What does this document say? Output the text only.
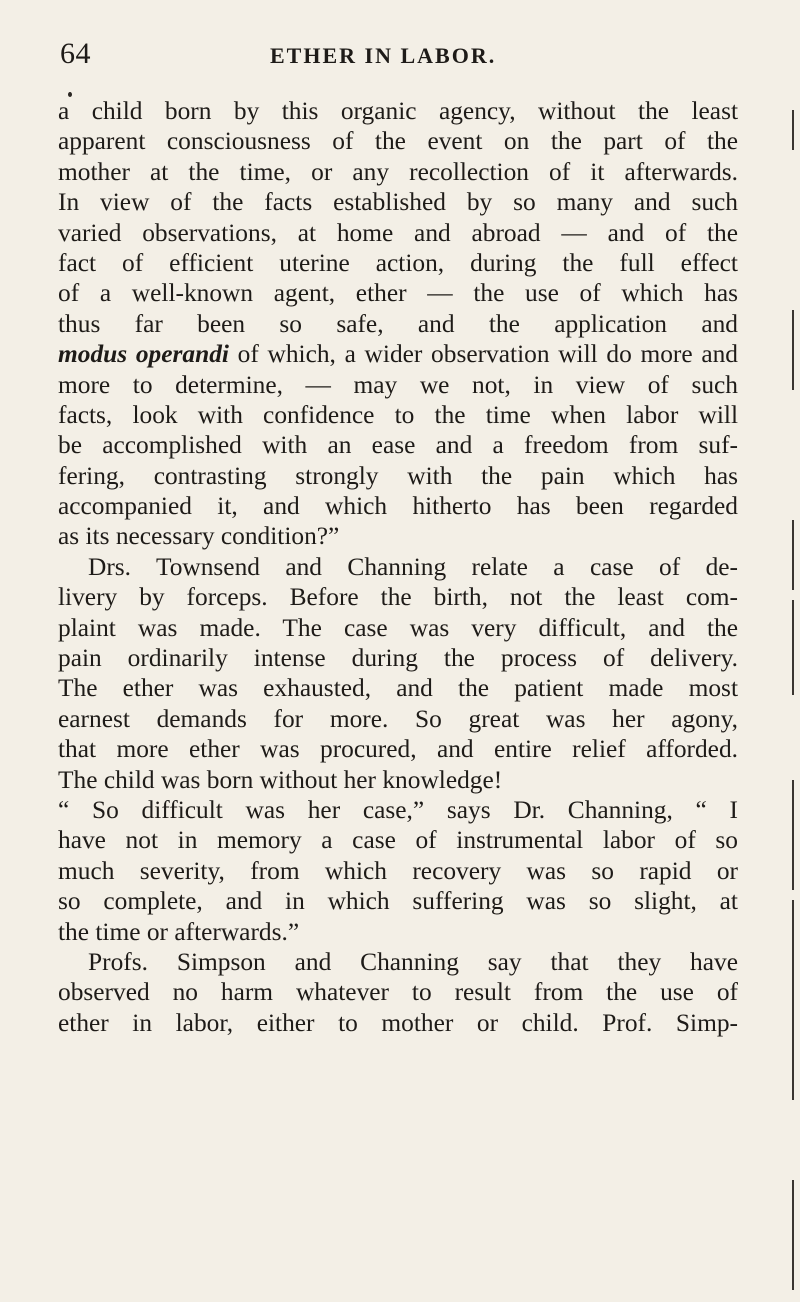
64	ETHER IN LABOR.
a child born by this organic agency, without the least
apparent consciousness of the event on the part of the
mother at the time, or any recollection of it afterwards.
In view of the facts established by so many and such
varied observations, at home and abroad — and of the
fact of efficient uterine action, during the full effect
of a well-known agent, ether — the use of which has
thus far been so safe, and the application and
modus operandi of which, a wider observation will do more and
more to determine, — may we not, in view of such
facts, look with confidence to the time when labor will
be accomplished with an ease and a freedom from suf-
fering, contrasting strongly with the pain which has
accompanied it, and which hitherto has been regarded
as its necessary condition?”
Drs. Townsend and Channing relate a case of de-
livery by forceps. Before the birth, not the least com-
plaint was made. The case was very difficult, and the
pain ordinarily intense during the process of delivery.
The ether was exhausted, and the patient made most
earnest demands for more. So great was her agony,
that more ether was procured, and entire relief afforded.
The child was born without her knowledge!
“ So difficult was her case,” says Dr. Channing, “ I
have not in memory a case of instrumental labor of so
much severity, from which recovery was so rapid or
so complete, and in which suffering was so slight, at
the time or afterwards.”
Profs. Simpson and Channing say that they have
observed no harm whatever to result from the use of
ether in labor, either to mother or child. Prof. Simp-
